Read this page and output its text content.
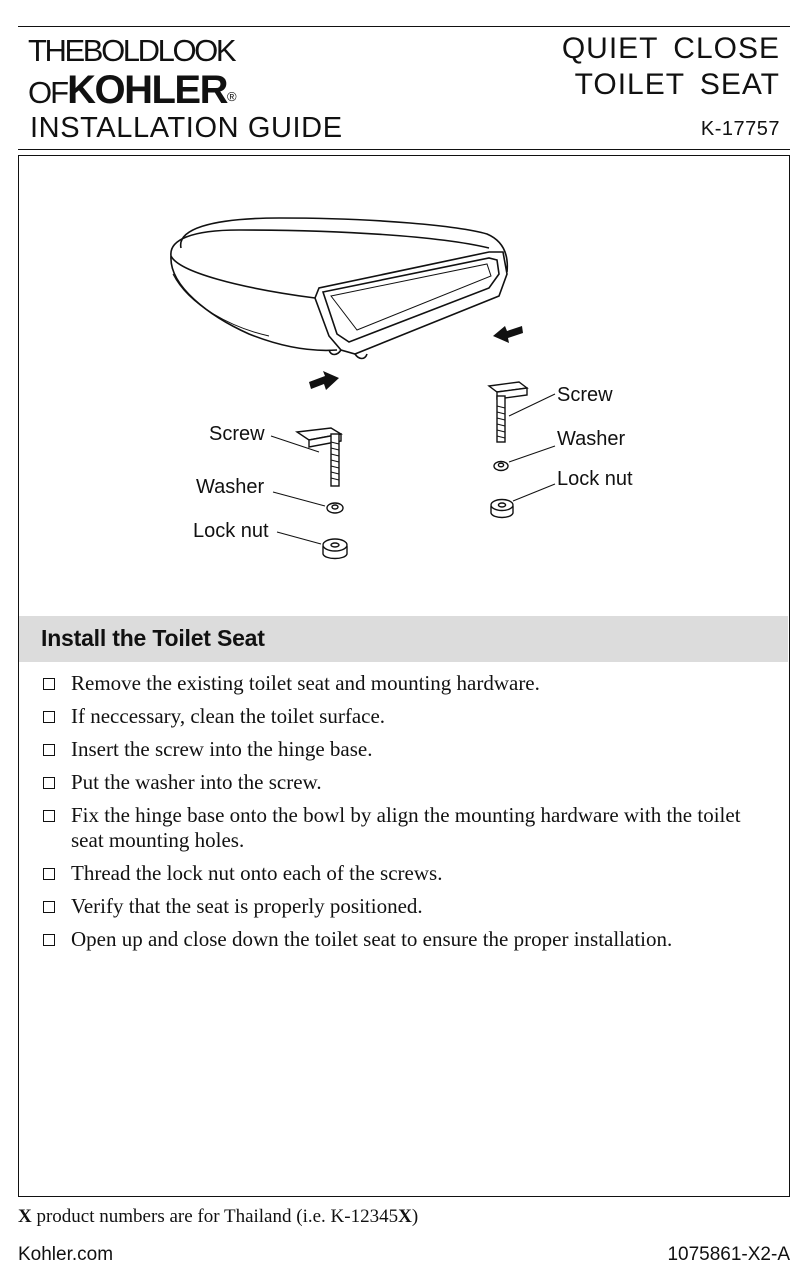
THEBOLDLOOK
OFKOHLER®
INSTALLATION GUIDE
QUIET CLOSE
TOILET SEAT
K-17757
Screw
Washer
Lock nut
Screw
Washer
Lock nut
Install the Toilet Seat
Remove the existing toilet seat and mounting hardware.
If neccessary, clean the toilet surface.
Insert the screw into the hinge base.
Put the washer into the screw.
Fix the hinge base onto the bowl by align the mounting hardware with the toilet seat mounting holes.
Thread the lock nut onto each of the screws.
Verify that the seat is properly positioned.
Open up and close down the toilet seat to ensure the proper installation.
X product numbers are for Thailand (i.e. K-12345X)
Kohler.com	1075861-X2-A
